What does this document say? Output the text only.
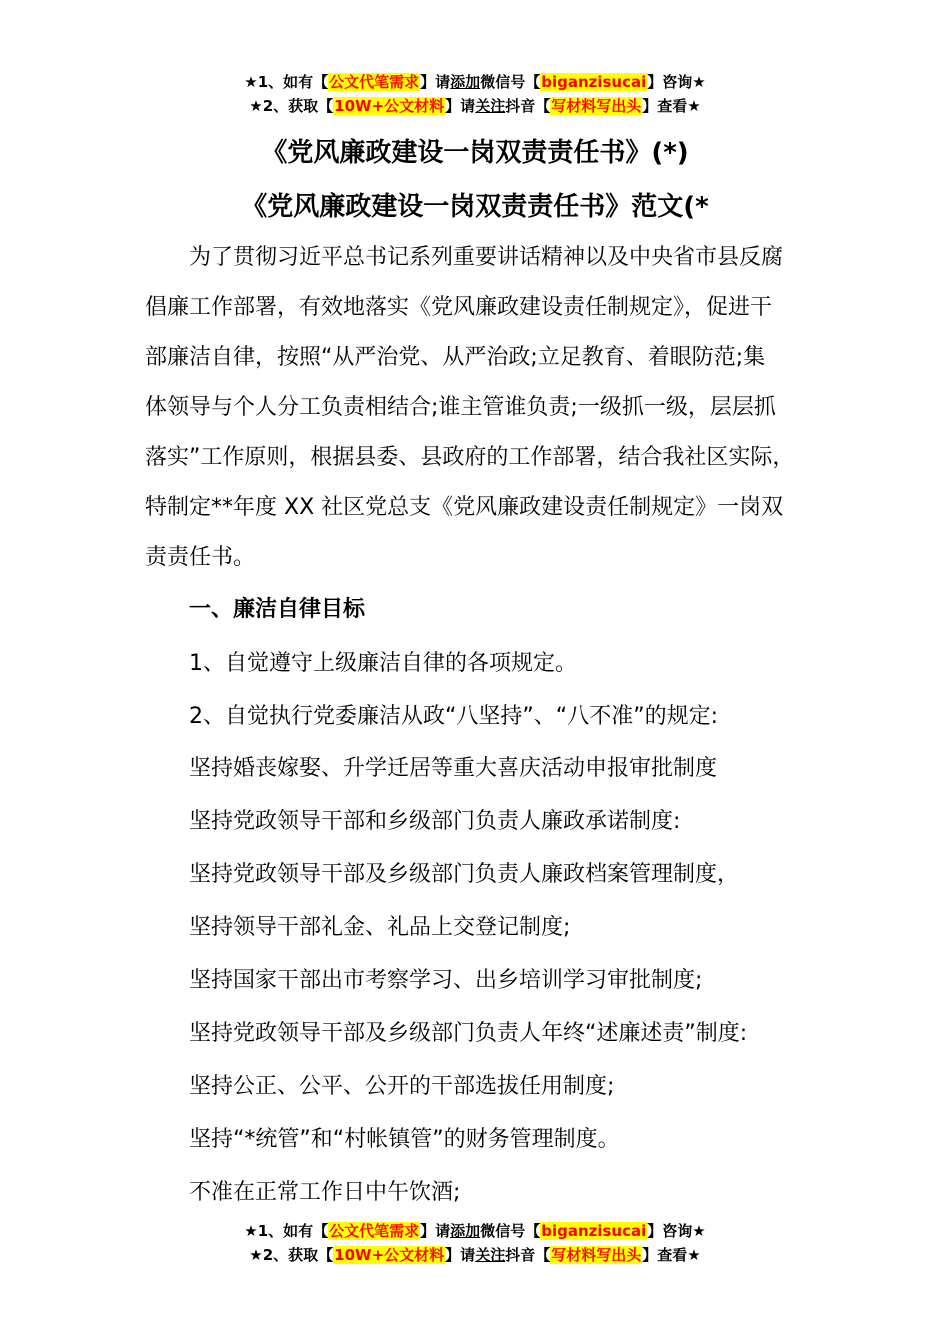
★1、如有【公文代笔需求】请添加微信号【biganzisucai】咨询★
★2、获取【10W+公文材料】请关注抖音【写材料写出头】查看★
《党风廉政建设一岗双责责任书》(*)
《党风廉政建设一岗双责责任书》范文(*
为了贯彻习近平总书记系列重要讲话精神以及中央省市县反腐
倡廉工作部署，有效地落实《党风廉政建设责任制规定》，促进干
部廉洁自律，按照“从严治党、从严治政;立足教育、着眼防范;集
体领导与个人分工负责相结合;谁主管谁负责;一级抓一级，层层抓
落实”工作原则，根据县委、县政府的工作部署，结合我社区实际，
特制定**年度 XX 社区党总支《党风廉政建设责任制规定》一岗双
责责任书。
一、廉洁自律目标
1、自觉遵守上级廉洁自律的各项规定。
2、自觉执行党委廉洁从政“八坚持”、“八不准”的规定:
坚持婚丧嫁娶、升学迁居等重大喜庆活动申报审批制度
坚持党政领导干部和乡级部门负责人廉政承诺制度:
坚持党政领导干部及乡级部门负责人廉政档案管理制度，
坚持领导干部礼金、礼品上交登记制度;
坚持国家干部出市考察学习、出乡培训学习审批制度;
坚持党政领导干部及乡级部门负责人年终“述廉述责”制度:
坚持公正、公平、公开的干部选拔任用制度;
坚持“*统管”和“村帐镇管”的财务管理制度。
不准在正常工作日中午饮酒;
★1、如有【公文代笔需求】请添加微信号【biganzisucai】咨询★
★2、获取【10W+公文材料】请关注抖音【写材料写出头】查看★
